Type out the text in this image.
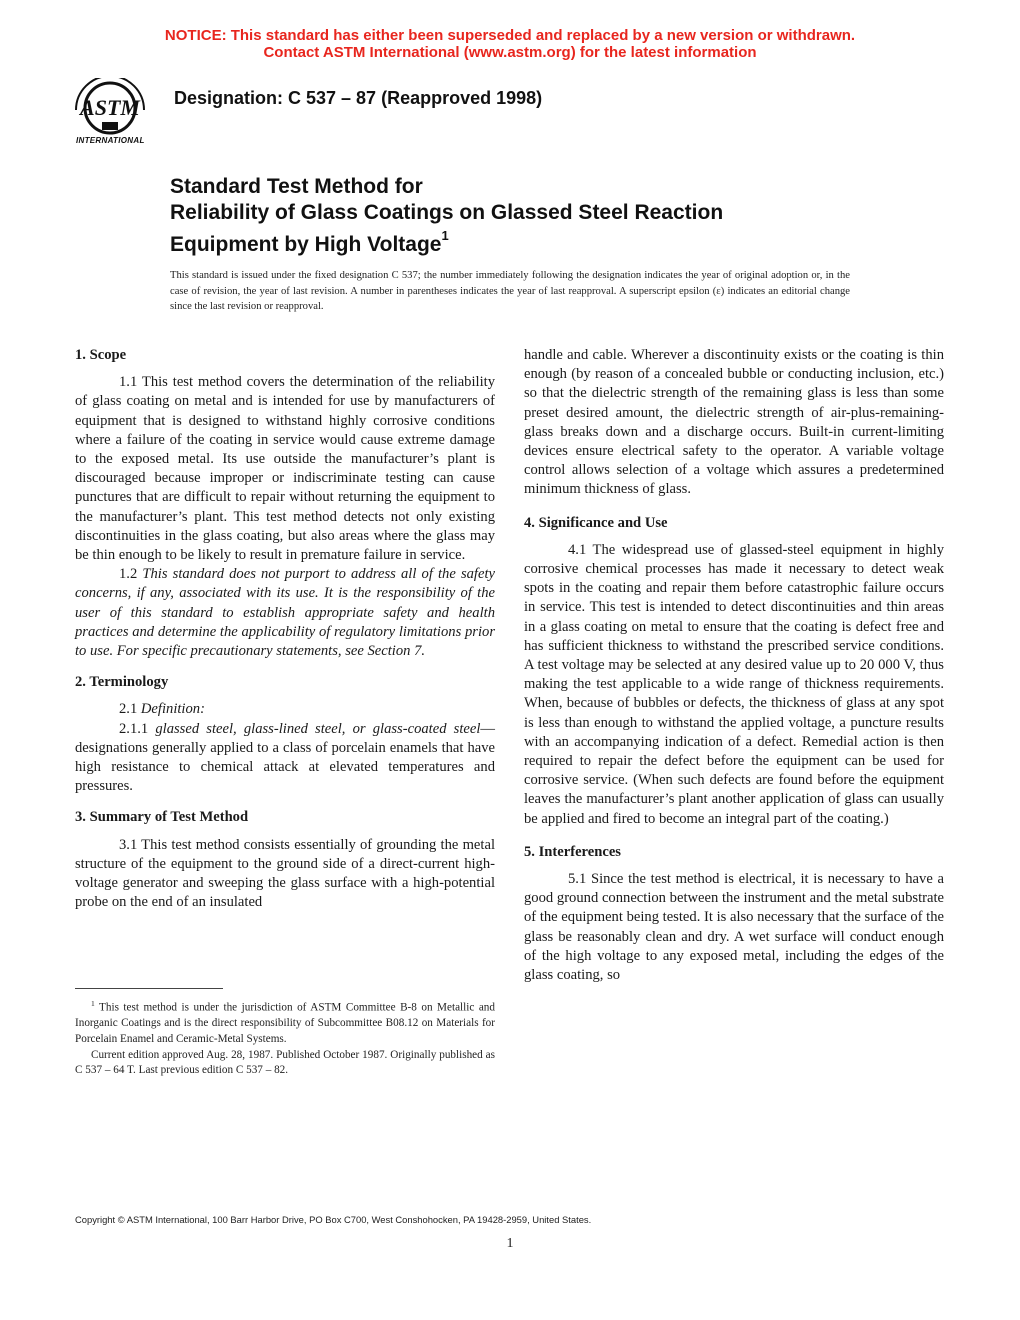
NOTICE: This standard has either been superseded and replaced by a new version or withdrawn.
Contact ASTM International (www.astm.org) for the latest information
ASTM
INTERNATIONAL
Designation: C 537 – 87 (Reapproved 1998)
Standard Test Method for
Reliability of Glass Coatings on Glassed Steel Reaction
Equipment by High Voltage$^1$
This standard is issued under the fixed designation C 537; the number immediately following the designation indicates the year of original adoption or, in the case of revision, the year of last revision. A number in parentheses indicates the year of last reapproval. A superscript epsilon (ε) indicates an editorial change since the last revision or reapproval.
1. Scope

1.1 This test method covers the determination of the reliability of glass coating on metal and is intended for use by manufacturers of equipment that is designed to withstand highly corrosive conditions where a failure of the coating in service would cause extreme damage to the exposed metal. Its use outside the manufacturer’s plant is discouraged because improper or indiscriminate testing can cause punctures that are difficult to repair without returning the equipment to the manufacturer’s plant. This test method detects not only existing discontinuities in the glass coating, but also areas where the glass may be thin enough to be likely to result in premature failure in service.

1.2 This standard does not purport to address all of the safety concerns, if any, associated with its use. It is the responsibility of the user of this standard to establish appropriate safety and health practices and determine the applicability of regulatory limitations prior to use. For specific precautionary statements, see Section 7.

2. Terminology

2.1 Definition:

2.1.1 glassed steel, glass-lined steel, or glass-coated steel—designations generally applied to a class of porcelain enamels that have high resistance to chemical attack at elevated temperatures and pressures.

3. Summary of Test Method

3.1 This test method consists essentially of grounding the metal structure of the equipment to the ground side of a direct-current high-voltage generator and sweeping the glass surface with a high-potential probe on the end of an insulated

handle and cable. Wherever a discontinuity exists or the coating is thin enough (by reason of a concealed bubble or conducting inclusion, etc.) so that the dielectric strength of the remaining glass is less than some preset desired amount, the dielectric strength of air-plus-remaining-glass breaks down and a discharge occurs. Built-in current-limiting devices ensure electrical safety to the operator. A variable voltage control allows selection of a voltage which assures a predetermined minimum thickness of glass.

4. Significance and Use

4.1 The widespread use of glassed-steel equipment in highly corrosive chemical processes has made it necessary to detect weak spots in the coating and repair them before catastrophic failure occurs in service. This test is intended to detect discontinuities and thin areas in a glass coating on metal to ensure that the coating is defect free and has sufficient thickness to withstand the prescribed service conditions. A test voltage may be selected at any desired value up to 20 000 V, thus making the test applicable to a wide range of thickness requirements. When, because of bubbles or defects, the thickness of glass at any spot is less than enough to withstand the applied voltage, a puncture results with an accompanying indication of a defect. Remedial action is then required to repair the defect before the equipment can be used for corrosive service. (When such defects are found before the equipment leaves the manufacturer’s plant another application of glass can usually be applied and fired to become an integral part of the coating.)

5. Interferences

5.1 Since the test method is electrical, it is necessary to have a good ground connection between the instrument and the metal substrate of the equipment being tested. It is also necessary that the surface of the glass be reasonably clean and dry. A wet surface will conduct enough of the high voltage to any exposed metal, including the edges of the glass coating, so

$^1$ This test method is under the jurisdiction of ASTM Committee B-8 on Metallic and Inorganic Coatings and is the direct responsibility of Subcommittee B08.12 on Materials for Porcelain Enamel and Ceramic-Metal Systems.

Current edition approved Aug. 28, 1987. Published October 1987. Originally published as C 537 – 64 T. Last previous edition C 537 – 82.

Copyright © ASTM International, 100 Barr Harbor Drive, PO Box C700, West Conshohocken, PA 19428-2959, United States.
1
